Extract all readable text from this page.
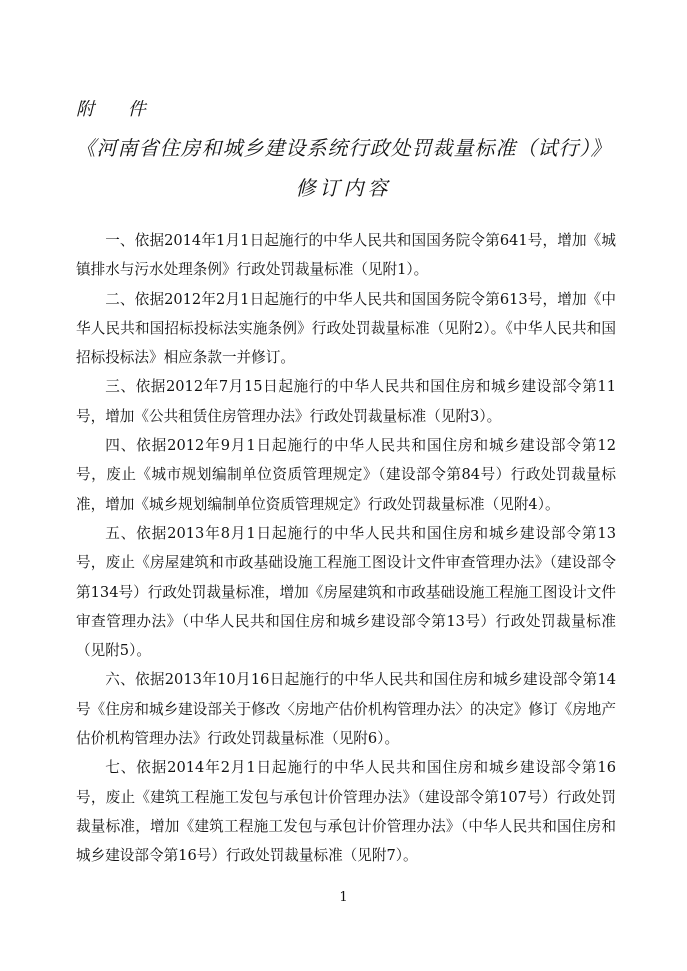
附 件
《河南省住房和城乡建设系统行政处罚裁量标准（试行）》
修订内容

一、依据2014年1月1日起施行的中华人民共和国国务院令第641号，增加《城镇排水与污水处理条例》行政处罚裁量标准（见附1）。

二、依据2012年2月1日起施行的中华人民共和国国务院令第613号，增加《中华人民共和国招标投标法实施条例》行政处罚裁量标准（见附2）。《中华人民共和国招标投标法》相应条款一并修订。

三、依据2012年7月15日起施行的中华人民共和国住房和城乡建设部令第11号，增加《公共租赁住房管理办法》行政处罚裁量标准（见附3）。

四、依据2012年9月1日起施行的中华人民共和国住房和城乡建设部令第12号，废止《城市规划编制单位资质管理规定》（建设部令第84号）行政处罚裁量标准，增加《城乡规划编制单位资质管理规定》行政处罚裁量标准（见附4）。

五、依据2013年8月1日起施行的中华人民共和国住房和城乡建设部令第13号，废止《房屋建筑和市政基础设施工程施工图设计文件审查管理办法》（建设部令第134号）行政处罚裁量标准，增加《房屋建筑和市政基础设施工程施工图设计文件审查管理办法》（中华人民共和国住房和城乡建设部令第13号）行政处罚裁量标准（见附5）。

六、依据2013年10月16日起施行的中华人民共和国住房和城乡建设部令第14号《住房和城乡建设部关于修改〈房地产估价机构管理办法〉的决定》修订《房地产估价机构管理办法》行政处罚裁量标准（见附6）。

七、依据2014年2月1日起施行的中华人民共和国住房和城乡建设部令第16号，废止《建筑工程施工发包与承包计价管理办法》（建设部令第107号）行政处罚裁量标准，增加《建筑工程施工发包与承包计价管理办法》（中华人民共和国住房和城乡建设部令第16号）行政处罚裁量标准（见附7）。

1
